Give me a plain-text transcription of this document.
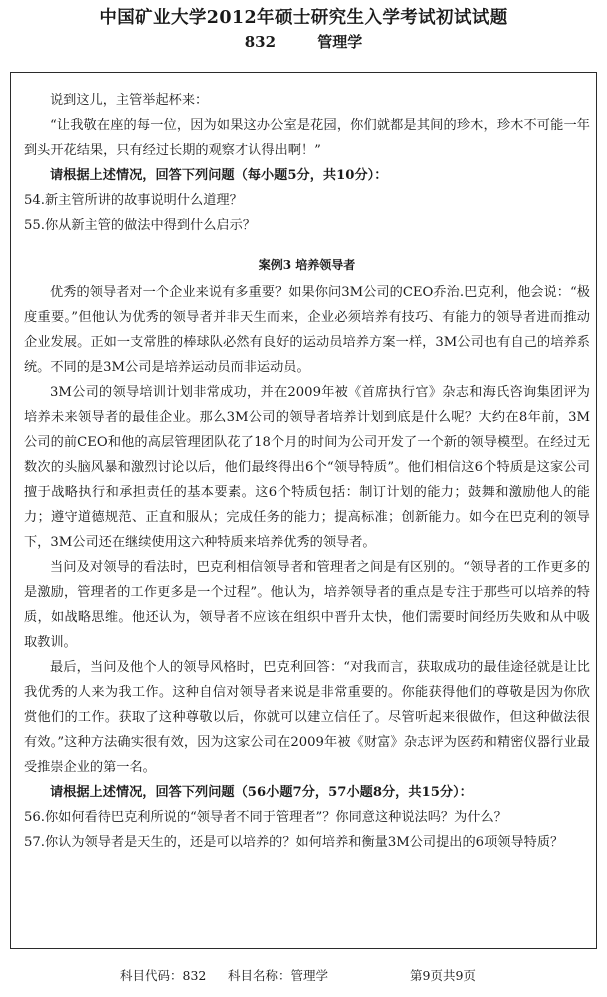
中国矿业大学2012年硕士研究生入学考试初试试题
832	管理学

说到这儿，主管举起杯来：

“让我敬在座的每一位，因为如果这办公室是花园，你们就都是其间的珍木，珍木不可能一年到头开花结果，只有经过长期的观察才认得出啊！”

请根据上述情况，回答下列问题（每小题5分，共10分）：

54.新主管所讲的故事说明什么道理？

55.你从新主管的做法中得到什么启示？

案例3 培养领导者

优秀的领导者对一个企业来说有多重要？如果你问3M公司的CEO乔治.巴克利，他会说：“极度重要。”但他认为优秀的领导者并非天生而来，企业必须培养有技巧、有能力的领导者进而推动企业发展。正如一支常胜的棒球队必然有良好的运动员培养方案一样，3M公司也有自己的培养系统。不同的是3M公司是培养运动员而非运动员。

3M公司的领导培训计划非常成功，并在2009年被《首席执行官》杂志和海氏咨询集团评为培养未来领导者的最佳企业。那么3M公司的领导者培养计划到底是什么呢？大约在8年前，3M公司的前CEO和他的高层管理团队花了18个月的时间为公司开发了一个新的领导模型。在经过无数次的头脑风暴和激烈讨论以后，他们最终得出6个“领导特质”。他们相信这6个特质是这家公司擅于战略执行和承担责任的基本要素。这6个特质包括：制订计划的能力；鼓舞和激励他人的能力；遵守道德规范、正直和服从；完成任务的能力；提高标准；创新能力。如今在巴克利的领导下，3M公司还在继续使用这六种特质来培养优秀的领导者。

当问及对领导的看法时，巴克利相信领导者和管理者之间是有区别的。“领导者的工作更多的是激励，管理者的工作更多是一个过程”。他认为，培养领导者的重点是专注于那些可以培养的特质，如战略思维。他还认为，领导者不应该在组织中晋升太快，他们需要时间经历失败和从中吸取教训。

最后，当问及他个人的领导风格时，巴克利回答：“对我而言，获取成功的最佳途径就是让比我优秀的人来为我工作。这种自信对领导者来说是非常重要的。你能获得他们的尊敬是因为你欣赏他们的工作。获取了这种尊敬以后，你就可以建立信任了。尽管听起来很做作，但这种做法很有效。”这种方法确实很有效，因为这家公司在2009年被《财富》杂志评为医药和精密仪器行业最受推崇企业的第一名。

请根据上述情况，回答下列问题（56小题7分，57小题8分，共15分）：

56.你如何看待巴克利所说的“领导者不同于管理者”？你同意这种说法吗？为什么？

57.你认为领导者是天生的，还是可以培养的？如何培养和衡量3M公司提出的6项领导特质？

科目代码：832 科目名称：管理学	第9页共9页
